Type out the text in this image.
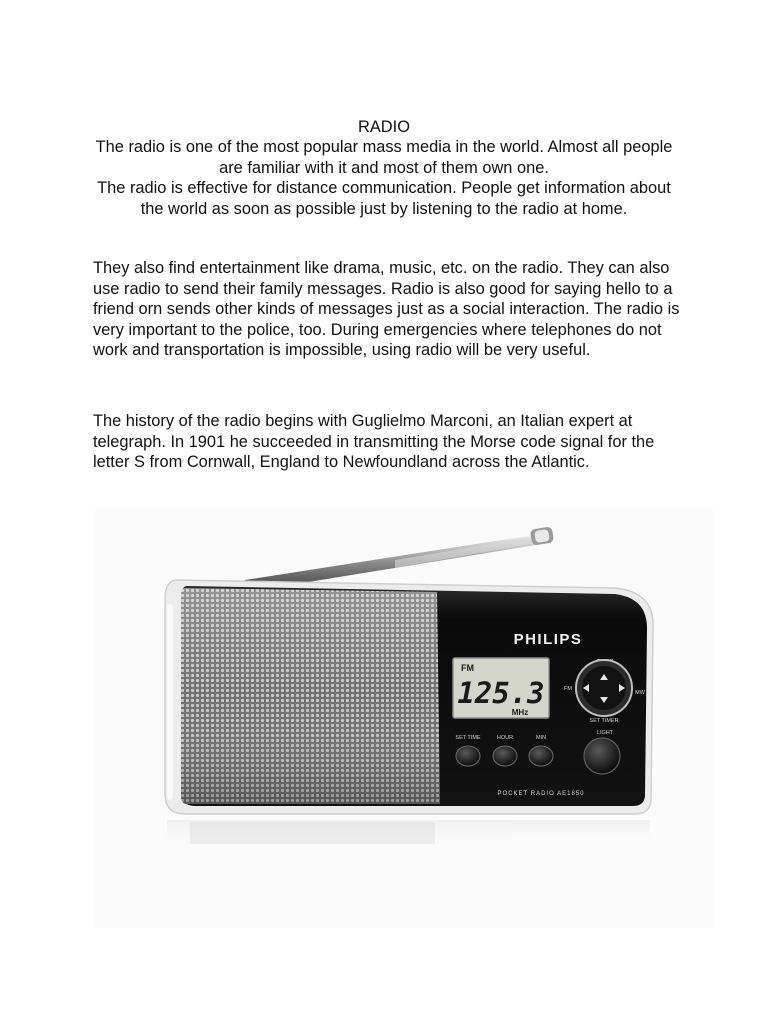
RADIO

The radio is one of the most popular mass media in the world. Almost all people are familiar with it and most of them own one.

The radio is effective for distance communication. People get information about the world as soon as possible just by listening to the radio at home.

They also find entertainment like drama, music, etc. on the radio. They can also use radio to send their family messages. Radio is also good for saying hello to a friend orn sends other kinds of messages just as a social interaction. The radio is very important to the police, too. During emergencies where telephones do not work and transportation is impossible, using radio will be very useful.

The history of the radio begins with Guglielmo Marconi, an Italian expert at telegraph. In 1901 he succeeded in transmitting the Morse code signal for the letter S from Cornwall, England to Newfoundland across the Atlantic.

PHILIPS
FM
125.3
MHz
FM
MW
SET TIMER
SET TIME	HOUR	MIN
LIGHT
POCKET RADIO AE1850
